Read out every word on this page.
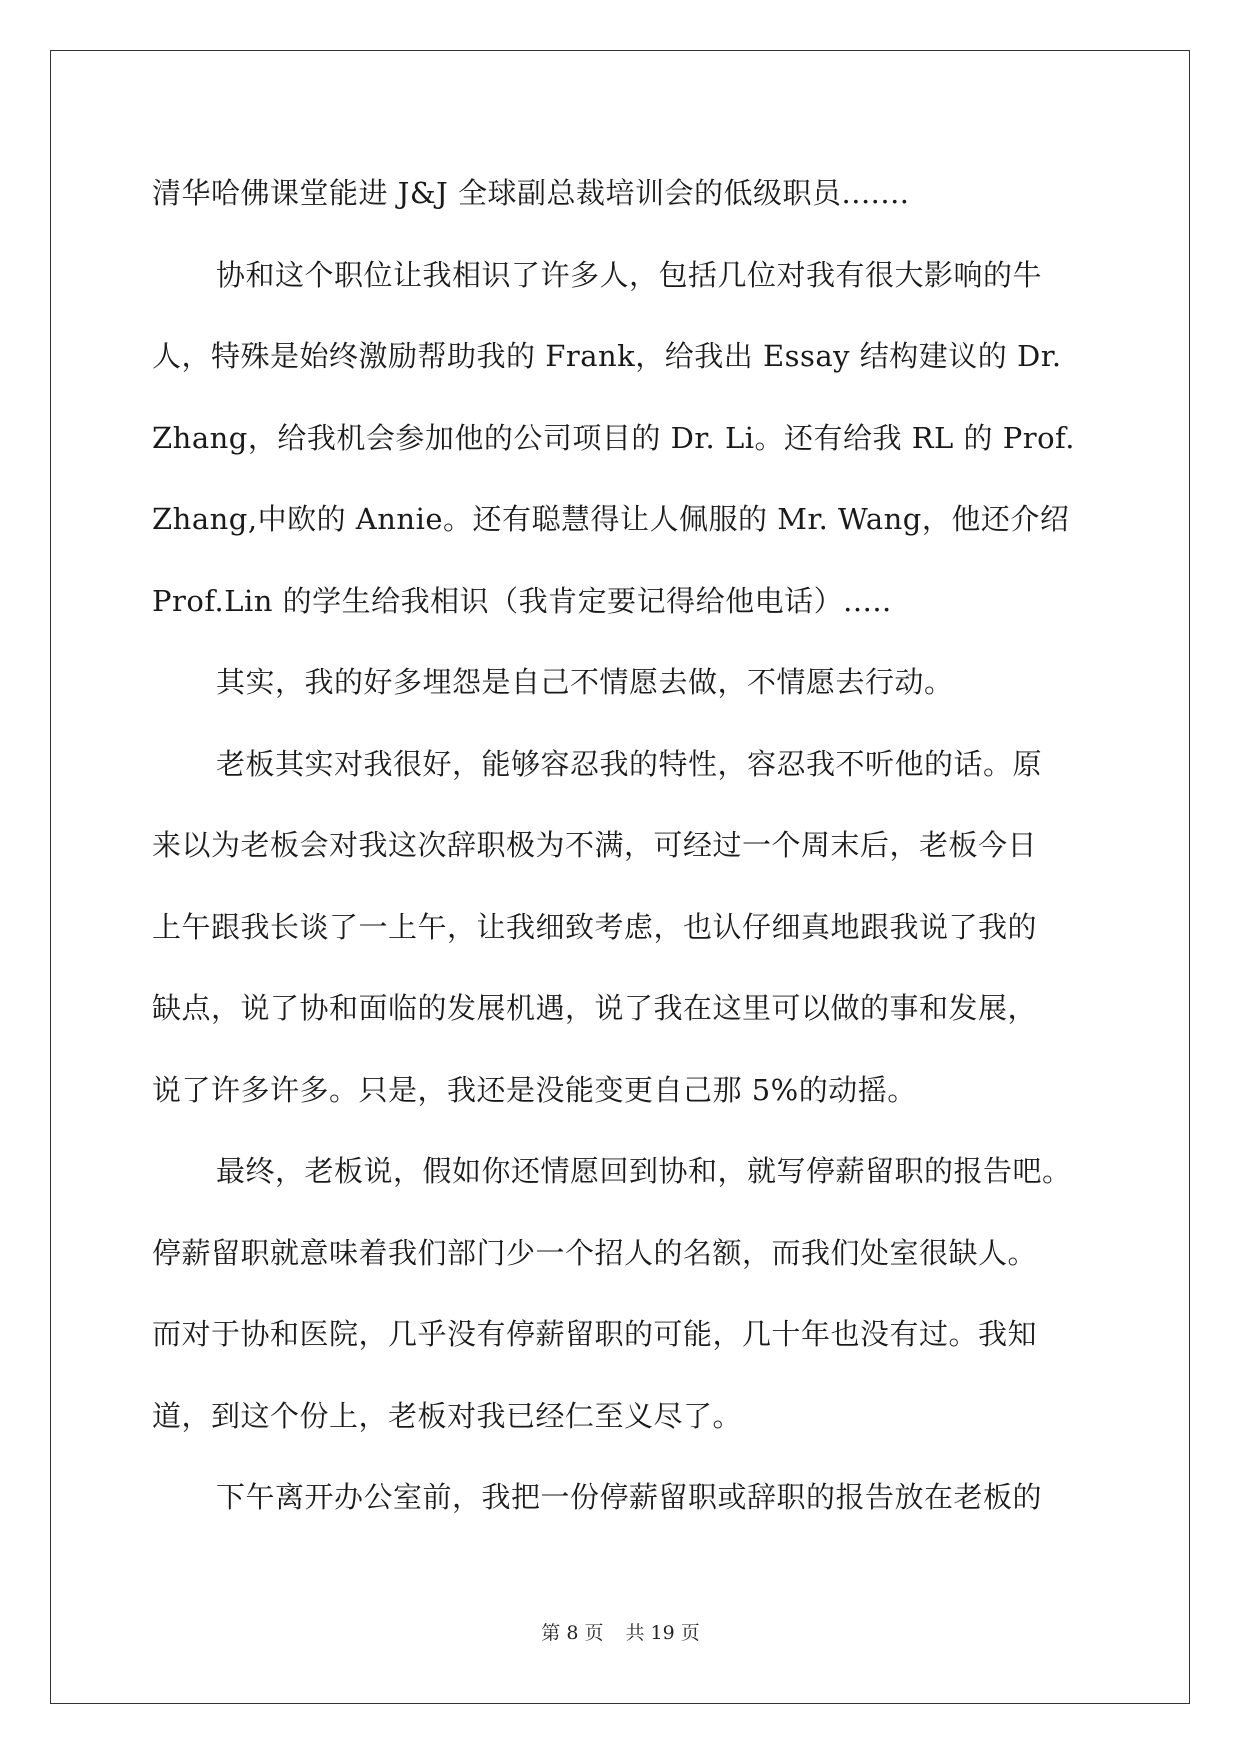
清华哈佛课堂能进 J&J 全球副总裁培训会的低级职员.......
协和这个职位让我相识了许多人，包括几位对我有很大影响的牛
人，特殊是始终激励帮助我的 Frank，给我出 Essay 结构建议的 Dr.
Zhang，给我机会参加他的公司项目的 Dr. Li。还有给我 RL 的 Prof.
Zhang,中欧的 Annie。还有聪慧得让人佩服的 Mr. Wang，他还介绍
Prof.Lin 的学生给我相识（我肯定要记得给他电话）.....
其实，我的好多埋怨是自己不情愿去做，不情愿去行动。
老板其实对我很好，能够容忍我的特性，容忍我不听他的话。原
来以为老板会对我这次辞职极为不满，可经过一个周末后，老板今日
上午跟我长谈了一上午，让我细致考虑，也认仔细真地跟我说了我的
缺点，说了协和面临的发展机遇，说了我在这里可以做的事和发展，
说了许多许多。只是，我还是没能变更自己那 5%的动摇。
最终，老板说，假如你还情愿回到协和，就写停薪留职的报告吧。
停薪留职就意味着我们部门少一个招人的名额，而我们处室很缺人。
而对于协和医院，几乎没有停薪留职的可能，几十年也没有过。我知
道，到这个份上，老板对我已经仁至义尽了。
下午离开办公室前，我把一份停薪留职或辞职的报告放在老板的
第 8 页 共 19 页
